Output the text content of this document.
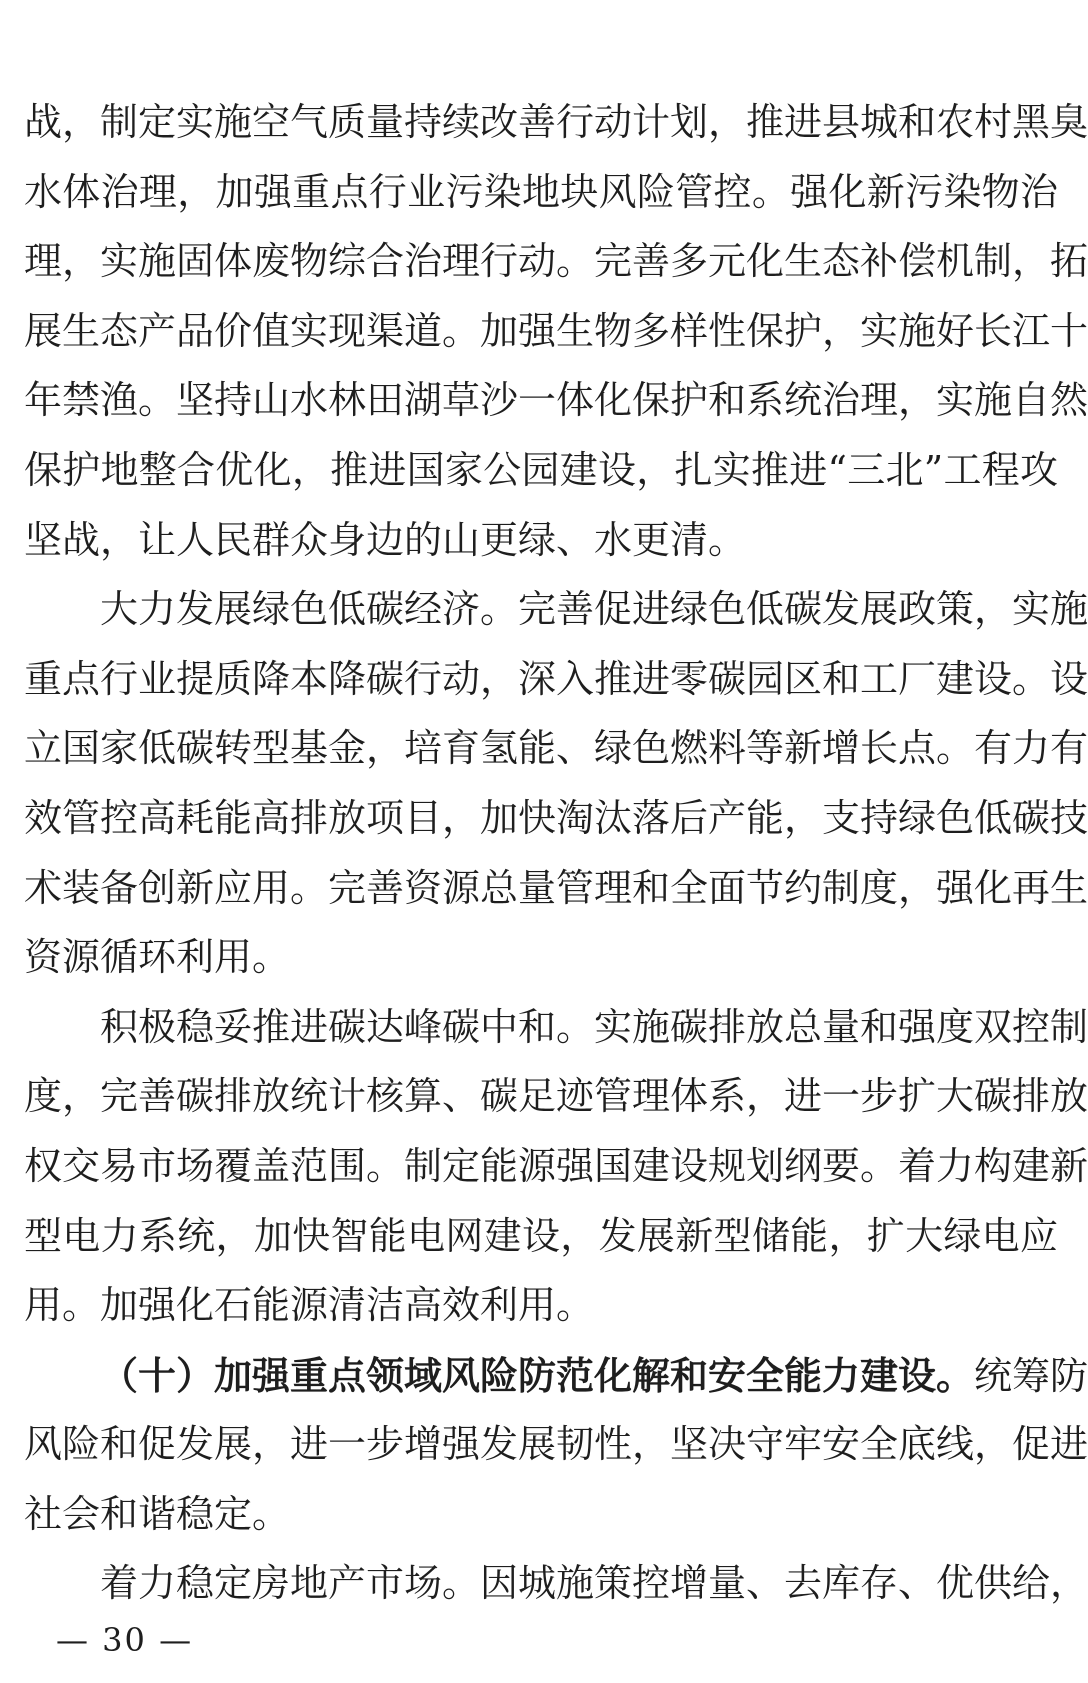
战，制定实施空气质量持续改善行动计划，推进县城和农村黑臭
水体治理，加强重点行业污染地块风险管控。强化新污染物治
理，实施固体废物综合治理行动。完善多元化生态补偿机制，拓
展生态产品价值实现渠道。加强生物多样性保护，实施好长江十
年禁渔。坚持山水林田湖草沙一体化保护和系统治理，实施自然
保护地整合优化，推进国家公园建设，扎实推进“三北”工程攻
坚战，让人民群众身边的山更绿、水更清。
大力发展绿色低碳经济。完善促进绿色低碳发展政策，实施
重点行业提质降本降碳行动，深入推进零碳园区和工厂建设。设
立国家低碳转型基金，培育氢能、绿色燃料等新增长点。有力有
效管控高耗能高排放项目，加快淘汰落后产能，支持绿色低碳技
术装备创新应用。完善资源总量管理和全面节约制度，强化再生
资源循环利用。
积极稳妥推进碳达峰碳中和。实施碳排放总量和强度双控制
度，完善碳排放统计核算、碳足迹管理体系，进一步扩大碳排放
权交易市场覆盖范围。制定能源强国建设规划纲要。着力构建新
型电力系统，加快智能电网建设，发展新型储能，扩大绿电应
用。加强化石能源清洁高效利用。
（十）加强重点领域风险防范化解和安全能力建设。统筹防
风险和促发展，进一步增强发展韧性，坚决守牢安全底线，促进
社会和谐稳定。
着力稳定房地产市场。因城施策控增量、去库存、优供给，
— 30 —
